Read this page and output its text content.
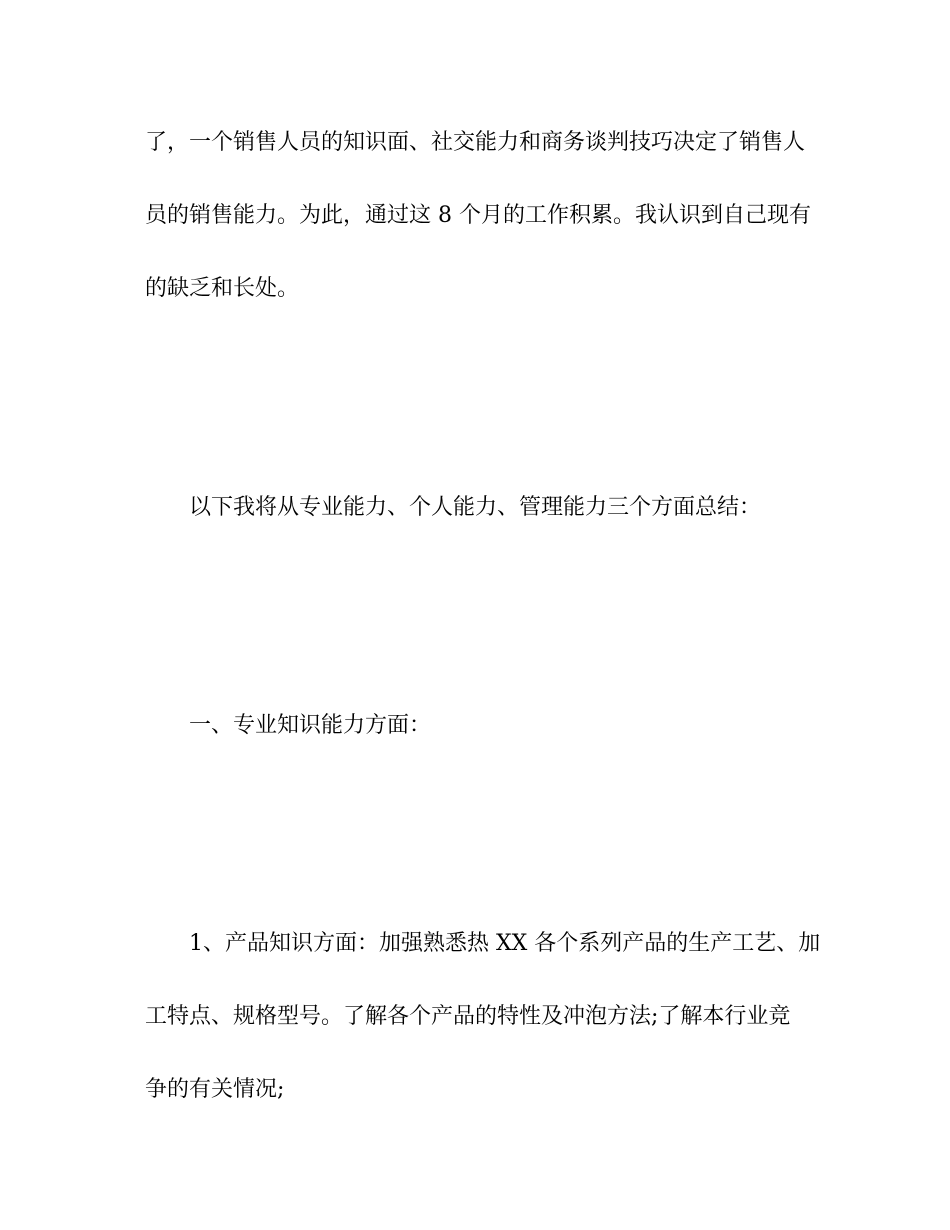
了，一个销售人员的知识面、社交能力和商务谈判技巧决定了销售人
员的销售能力。为此，通过这 8 个月的工作积累。我认识到自己现有
的缺乏和长处。
以下我将从专业能力、个人能力、管理能力三个方面总结：
一、专业知识能力方面：
1、产品知识方面：加强熟悉热 XX 各个系列产品的生产工艺、加
工特点、规格型号。了解各个产品的特性及冲泡方法;了解本行业竞
争的有关情况;
